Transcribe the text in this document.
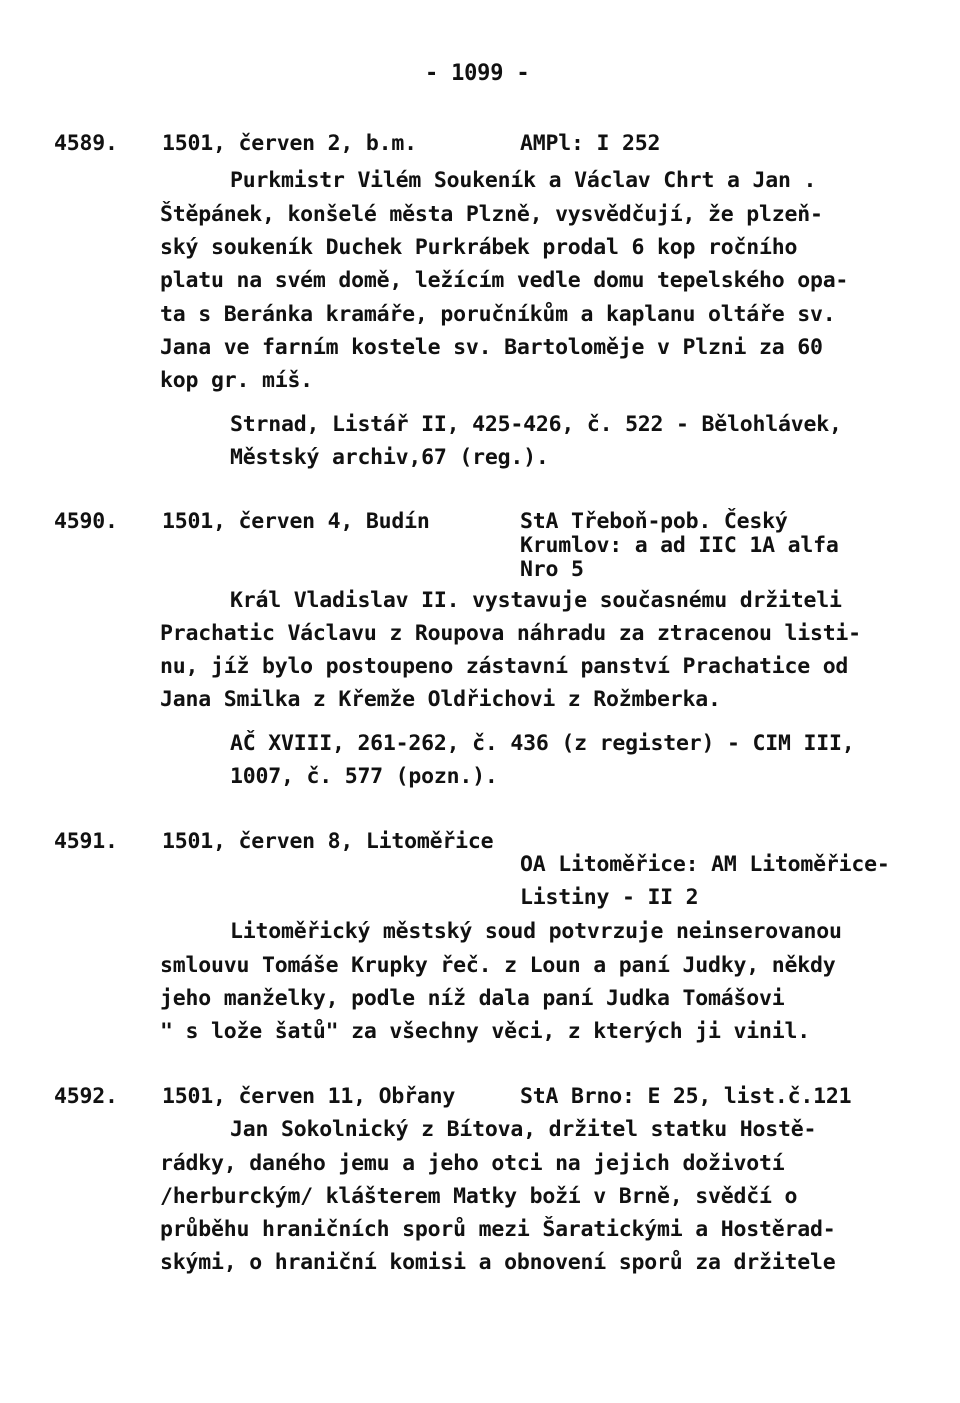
- 1099 -
4589. 1501, červen 2, b.m.	AMPl: I 252
Purkmistr Vilém Soukeník a Václav Chrt a Jan .
Štěpánek, konšelé města Plzně, vysvědčují, že plzeň-
ský soukeník Duchek Purkrábek prodal 6 kop ročního
platu na svém domě, ležícím vedle domu tepelského opa-
ta s Beránka kramáře, poručníkům a kaplanu oltáře sv.
Jana ve farním kostele sv. Bartoloměje v Plzni za 60
kop gr. míš.
Strnad, Listář II, 425-426, č. 522 - Bělohlávek,
Městský archiv,67 (reg.).
4590. 1501, červen 4, Budín	StA Třeboň-pob. Český
Krumlov: a ad IIC 1A alfa
Nro 5
Král Vladislav II. vystavuje současnému držiteli
Prachatic Václavu z Roupova náhradu za ztracenou listi-
nu, jíž bylo postoupeno zástavní panství Prachatice od
Jana Smilka z Křemže Oldřichovi z Rožmberka.
AČ XVIII, 261-262, č. 436 (z register) - CIM III,
1007, č. 577 (pozn.).
4591. 1501, červen 8, Litoměřice
OA Litoměřice: AM Litoměřice-
Listiny - II 2
Litoměřický městský soud potvrzuje neinserovanou
smlouvu Tomáše Krupky řeč. z Loun a paní Judky, někdy
jeho manželky, podle níž dala paní Judka Tomášovi
" s lože šatů" za všechny věci, z kterých ji vinil.
4592. 1501, červen 11, Obřany	StA Brno: E 25, list.č.121
Jan Sokolnický z Bítova, držitel statku Hostě-
rádky, daného jemu a jeho otci na jejich doživotí
/herburckým/ klášterem Matky boží v Brně, svědčí o
průběhu hraničních sporů mezi Šaratickými a Hostěrad-
skými, o hraniční komisi a obnovení sporů za držitele
